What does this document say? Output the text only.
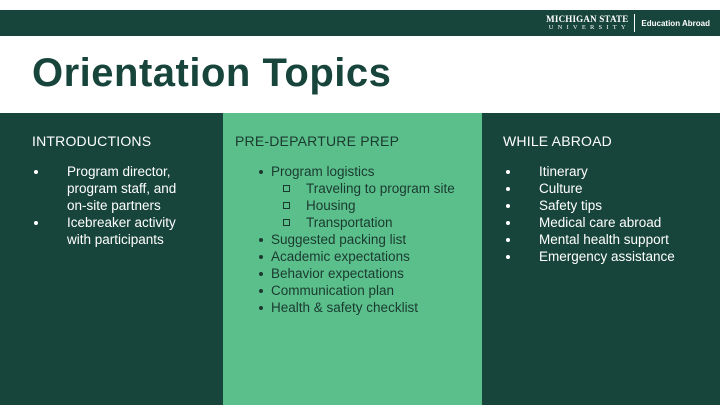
MICHIGAN STATE
UNIVERSITY Education Abroad
Orientation Topics
INTRODUCTIONS
Program director, program staff, and on-site partners
Icebreaker activity with participants
PRE-DEPARTURE PREP
Program logistics
Traveling to program site
Housing
Transportation
Suggested packing list
Academic expectations
Behavior expectations
Communication plan
Health & safety checklist
WHILE ABROAD
Itinerary
Culture
Safety tips
Medical care abroad
Mental health support
Emergency assistance
